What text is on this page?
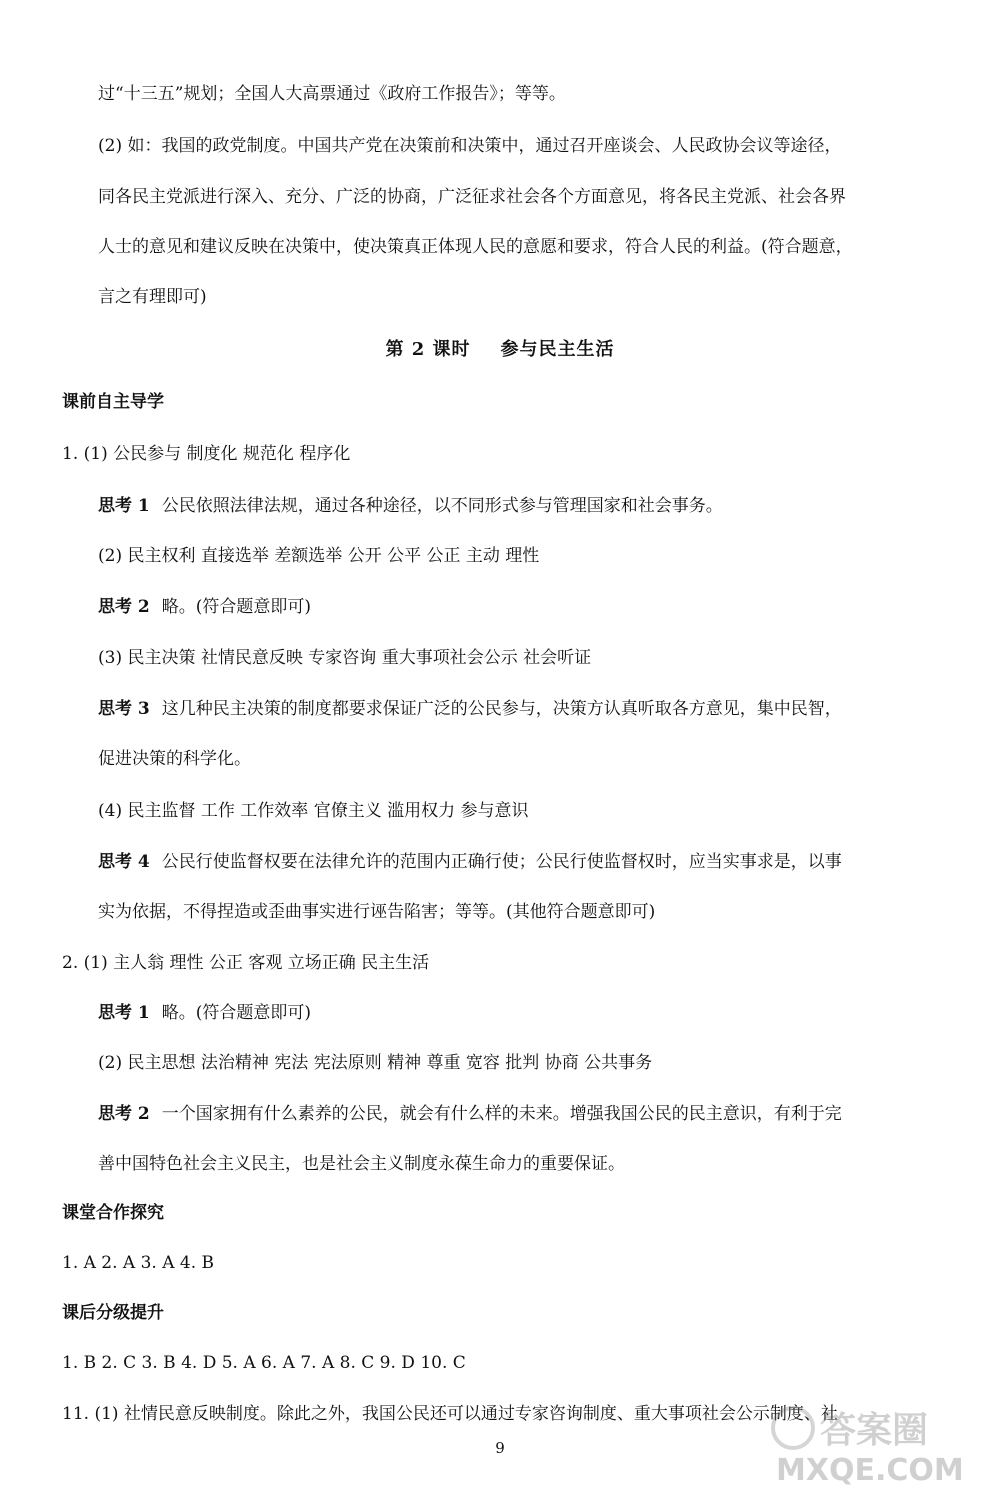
过“十三五”规划；全国人大高票通过《政府工作报告》；等等。
(2) 如：我国的政党制度。中国共产党在决策前和决策中，通过召开座谈会、人民政协会议等途径，
同各民主党派进行深入、充分、广泛的协商，广泛征求社会各个方面意见，将各民主党派、社会各界
人士的意见和建议反映在决策中，使决策真正体现人民的意愿和要求，符合人民的利益。(符合题意，
言之有理即可)
第 2 课时 参与民主生活
课前自主导学
1. (1) 公民参与 制度化 规范化 程序化
思考 1 公民依照法律法规，通过各种途径，以不同形式参与管理国家和社会事务。
(2) 民主权利 直接选举 差额选举 公开 公平 公正 主动 理性
思考 2 略。(符合题意即可)
(3) 民主决策 社情民意反映 专家咨询 重大事项社会公示 社会听证
思考 3 这几种民主决策的制度都要求保证广泛的公民参与，决策方认真听取各方意见，集中民智，
促进决策的科学化。
(4) 民主监督 工作 工作效率 官僚主义 滥用权力 参与意识
思考 4 公民行使监督权要在法律允许的范围内正确行使；公民行使监督权时，应当实事求是，以事
实为依据，不得捏造或歪曲事实进行诬告陷害；等等。(其他符合题意即可)
2. (1) 主人翁 理性 公正 客观 立场正确 民主生活
思考 1 略。(符合题意即可)
(2) 民主思想 法治精神 宪法 宪法原则 精神 尊重 宽容 批判 协商 公共事务
思考 2 一个国家拥有什么素养的公民，就会有什么样的未来。增强我国公民的民主意识，有利于完
善中国特色社会主义民主，也是社会主义制度永葆生命力的重要保证。
课堂合作探究
1. A 2. A 3. A 4. B
课后分级提升
1. B 2. C 3. B 4. D 5. A 6. A 7. A 8. C 9. D 10. C
11. (1) 社情民意反映制度。除此之外，我国公民还可以通过专家咨询制度、重大事项社会公示制度、社
9	答案圈
MXQE.COM
